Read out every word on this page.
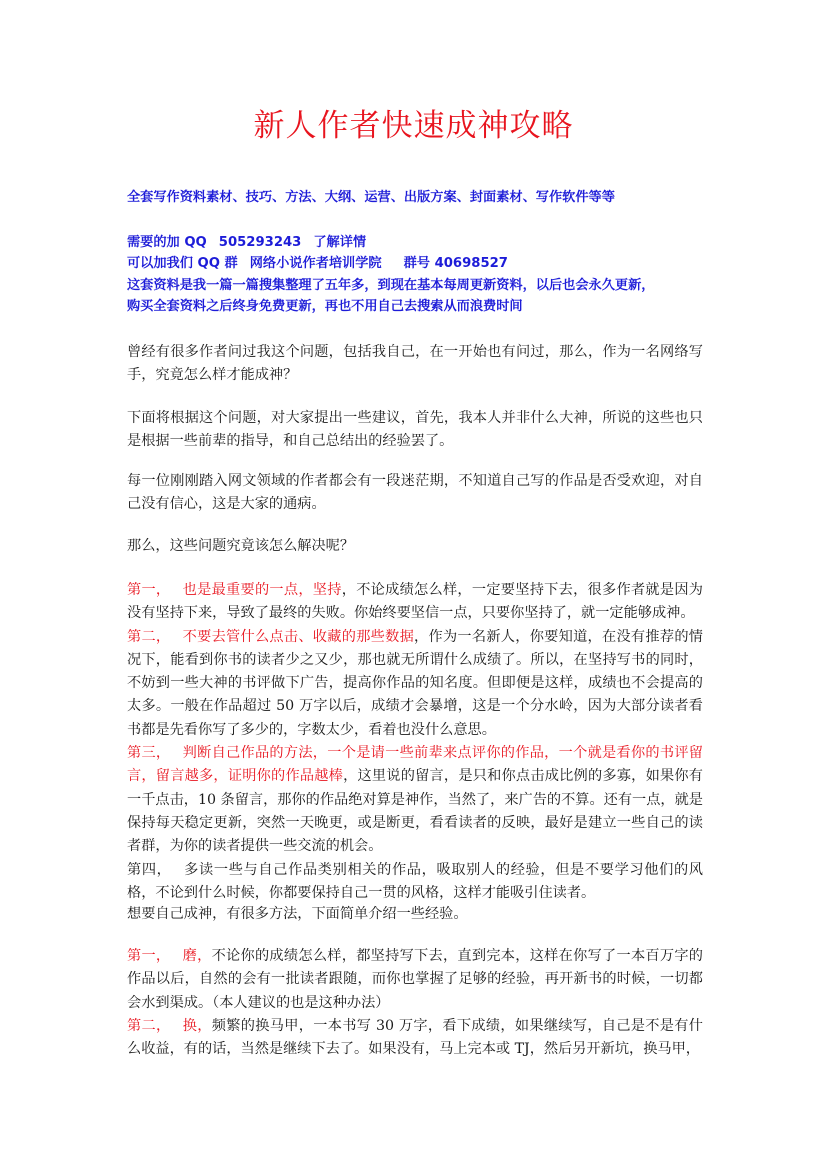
新人作者快速成神攻略
全套写作资料素材、技巧、方法、大纲、运营、出版方案、封面素材、写作软件等等
需要的加 QQ 505293243 了解详情
可以加我们 QQ 群 网络小说作者培训学院 群号 40698527
这套资料是我一篇一篇搜集整理了五年多，到现在基本每周更新资料，以后也会永久更新，
购买全套资料之后终身免费更新，再也不用自己去搜索从而浪费时间
曾经有很多作者问过我这个问题，包括我自己，在一开始也有问过，那么，作为一名网络写手，究竟怎么样才能成神？
下面将根据这个问题，对大家提出一些建议，首先，我本人并非什么大神，所说的这些也只是根据一些前辈的指导，和自己总结出的经验罢了。
每一位刚刚踏入网文领域的作者都会有一段迷茫期，不知道自己写的作品是否受欢迎，对自己没有信心，这是大家的通病。
那么，这些问题究竟该怎么解决呢？
第一， 也是最重要的一点，坚持，不论成绩怎么样，一定要坚持下去，很多作者就是因为没有坚持下来，导致了最终的失败。你始终要坚信一点，只要你坚持了，就一定能够成神。
第二， 不要去管什么点击、收藏的那些数据，作为一名新人，你要知道，在没有推荐的情况下，能看到你书的读者少之又少，那也就无所谓什么成绩了。所以，在坚持写书的同时，不妨到一些大神的书评做下广告，提高你作品的知名度。但即便是这样，成绩也不会提高的太多。一般在作品超过 50 万字以后，成绩才会暴增，这是一个分水岭，因为大部分读者看书都是先看你写了多少的，字数太少，看着也没什么意思。
第三， 判断自己作品的方法，一个是请一些前辈来点评你的作品，一个就是看你的书评留言，留言越多，证明你的作品越棒，这里说的留言，是只和你点击成比例的多寡，如果你有一千点击，10 条留言，那你的作品绝对算是神作，当然了，来广告的不算。还有一点，就是保持每天稳定更新，突然一天晚更，或是断更，看看读者的反映，最好是建立一些自己的读者群，为你的读者提供一些交流的机会。
第四， 多读一些与自己作品类别相关的作品，吸取别人的经验，但是不要学习他们的风格，不论到什么时候，你都要保持自己一贯的风格，这样才能吸引住读者。
想要自己成神，有很多方法，下面简单介绍一些经验。
第一， 磨，不论你的成绩怎么样，都坚持写下去，直到完本，这样在你写了一本百万字的作品以后，自然的会有一批读者跟随，而你也掌握了足够的经验，再开新书的时候，一切都会水到渠成。（本人建议的也是这种办法）
第二， 换，频繁的换马甲，一本书写 30 万字，看下成绩，如果继续写，自己是不是有什么收益，有的话，当然是继续下去了。如果没有，马上完本或 TJ，然后另开新坑，换马甲，
